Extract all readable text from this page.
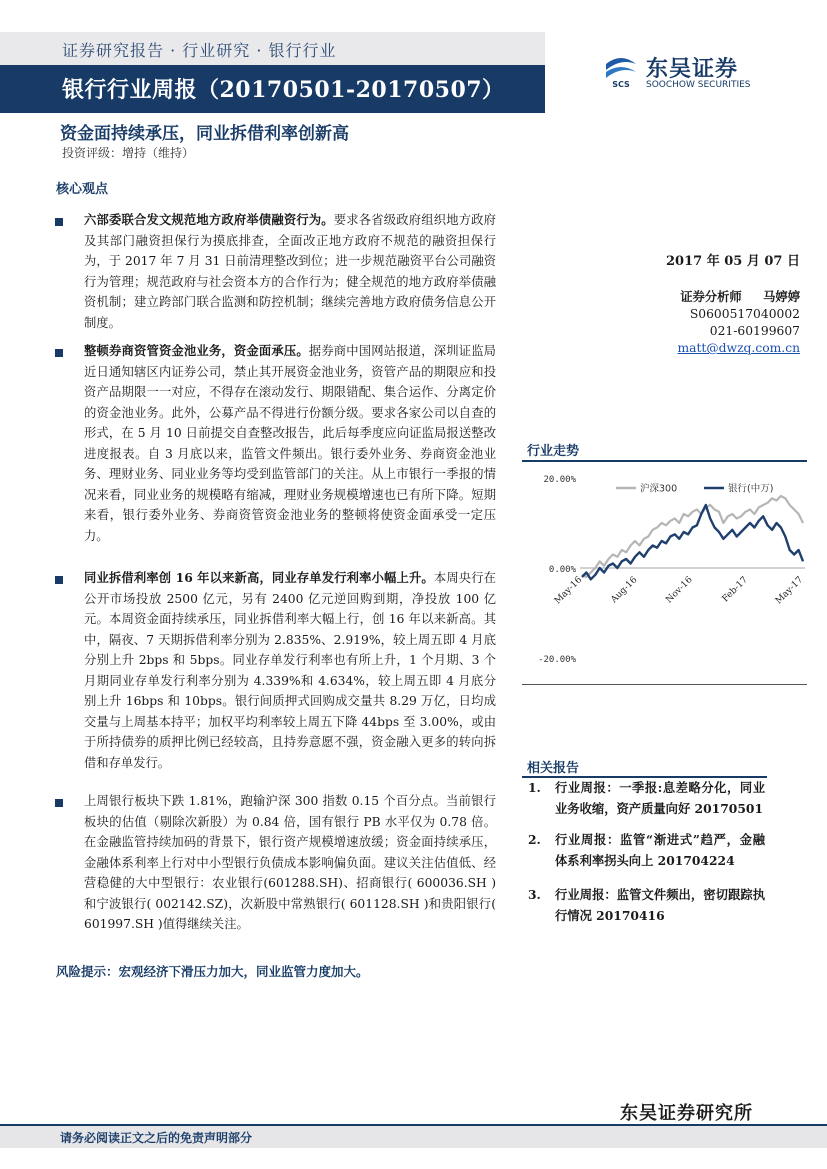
证券研究报告 · 行业研究 · 银行行业
银行行业周报（20170501-20170507）	SCS
东吴证券
SOOCHOW SECURITIES
资金面持续承压，同业拆借利率创新高
投资评级：增持（维持）
核心观点
六部委联合发文规范地方政府举债融资行为。要求各省级政府组织地方政府及其部门融资担保行为摸底排查，全面改正地方政府不规范的融资担保行为，于 2017 年 7 月 31 日前清理整改到位；进一步规范融资平台公司融资行为管理；规范政府与社会资本方的合作行为；健全规范的地方政府举债融资机制；建立跨部门联合监测和防控机制；继续完善地方政府债务信息公开制度。
整顿券商资管资金池业务，资金面承压。据券商中国网站报道，深圳证监局近日通知辖区内证券公司，禁止其开展资金池业务，资管产品的期限应和投资产品期限一一对应，不得存在滚动发行、期限错配、集合运作、分离定价的资金池业务。此外，公募产品不得进行份额分级。要求各家公司以自查的形式，在 5 月 10 日前提交自查整改报告，此后每季度应向证监局报送整改进度报表。自 3 月底以来，监管文件频出。银行委外业务、券商资金池业务、理财业务、同业业务等均受到监管部门的关注。从上市银行一季报的情况来看，同业业务的规模略有缩减，理财业务规模增速也已有所下降。短期来看，银行委外业务、券商资管资金池业务的整顿将使资金面承受一定压力。
同业拆借利率创 16 年以来新高，同业存单发行利率小幅上升。本周央行在公开市场投放 2500 亿元，另有 2400 亿元逆回购到期，净投放 100 亿元。本周资金面持续承压，同业拆借利率大幅上行，创 16 年以来新高。其中，隔夜、7 天期拆借利率分别为 2.835%、2.919%，较上周五即 4 月底分别上升 2bps 和 5bps。同业存单发行利率也有所上升，1 个月期、3 个月期同业存单发行利率分别为 4.339%和 4.634%，较上周五即 4 月底分别上升 16bps 和 10bps。银行间质押式回购成交量共 8.29 万亿，日均成交量与上周基本持平；加权平均利率较上周五下降 44bps 至 3.00%，或由于所持债券的质押比例已经较高，且持券意愿不强，资金融入更多的转向拆借和存单发行。
上周银行板块下跌 1.81%，跑输沪深 300 指数 0.15 个百分点。当前银行板块的估值（剔除次新股）为 0.84 倍，国有银行 PB 水平仅为 0.78 倍。在金融监管持续加码的背景下，银行资产规模增速放缓；资金面持续承压，金融体系利率上行对中小型银行负债成本影响偏负面。建议关注估值低、经营稳健的大中型银行：农业银行(601288.SH)、招商银行( 600036.SH )和宁波银行( 002142.SZ)，次新股中常熟银行( 601128.SH )和贵阳银行( 601997.SH )值得继续关注。
风险提示：宏观经济下滑压力加大，同业监管力度加大。
2017 年 05 月 07 日
证券分析师 马婷婷
S0600517040002
021-60199607
matt@dwzq.com.cn
行业走势
20.00%
0.00%
-20.00%
沪深300	银行(中万)
May-16	Aug-16	Nov-16	Feb-17	May-17
相关报告
1. 行业周报：一季报:息差略分化，同业业务收缩，资产质量向好 20170501
2. 行业周报：监管“渐进式”趋严，金融体系利率拐头向上 201704224
3. 行业周报：监管文件频出，密切跟踪执行情况 20170416
东吴证券研究所
请务必阅读正文之后的免责声明部分
